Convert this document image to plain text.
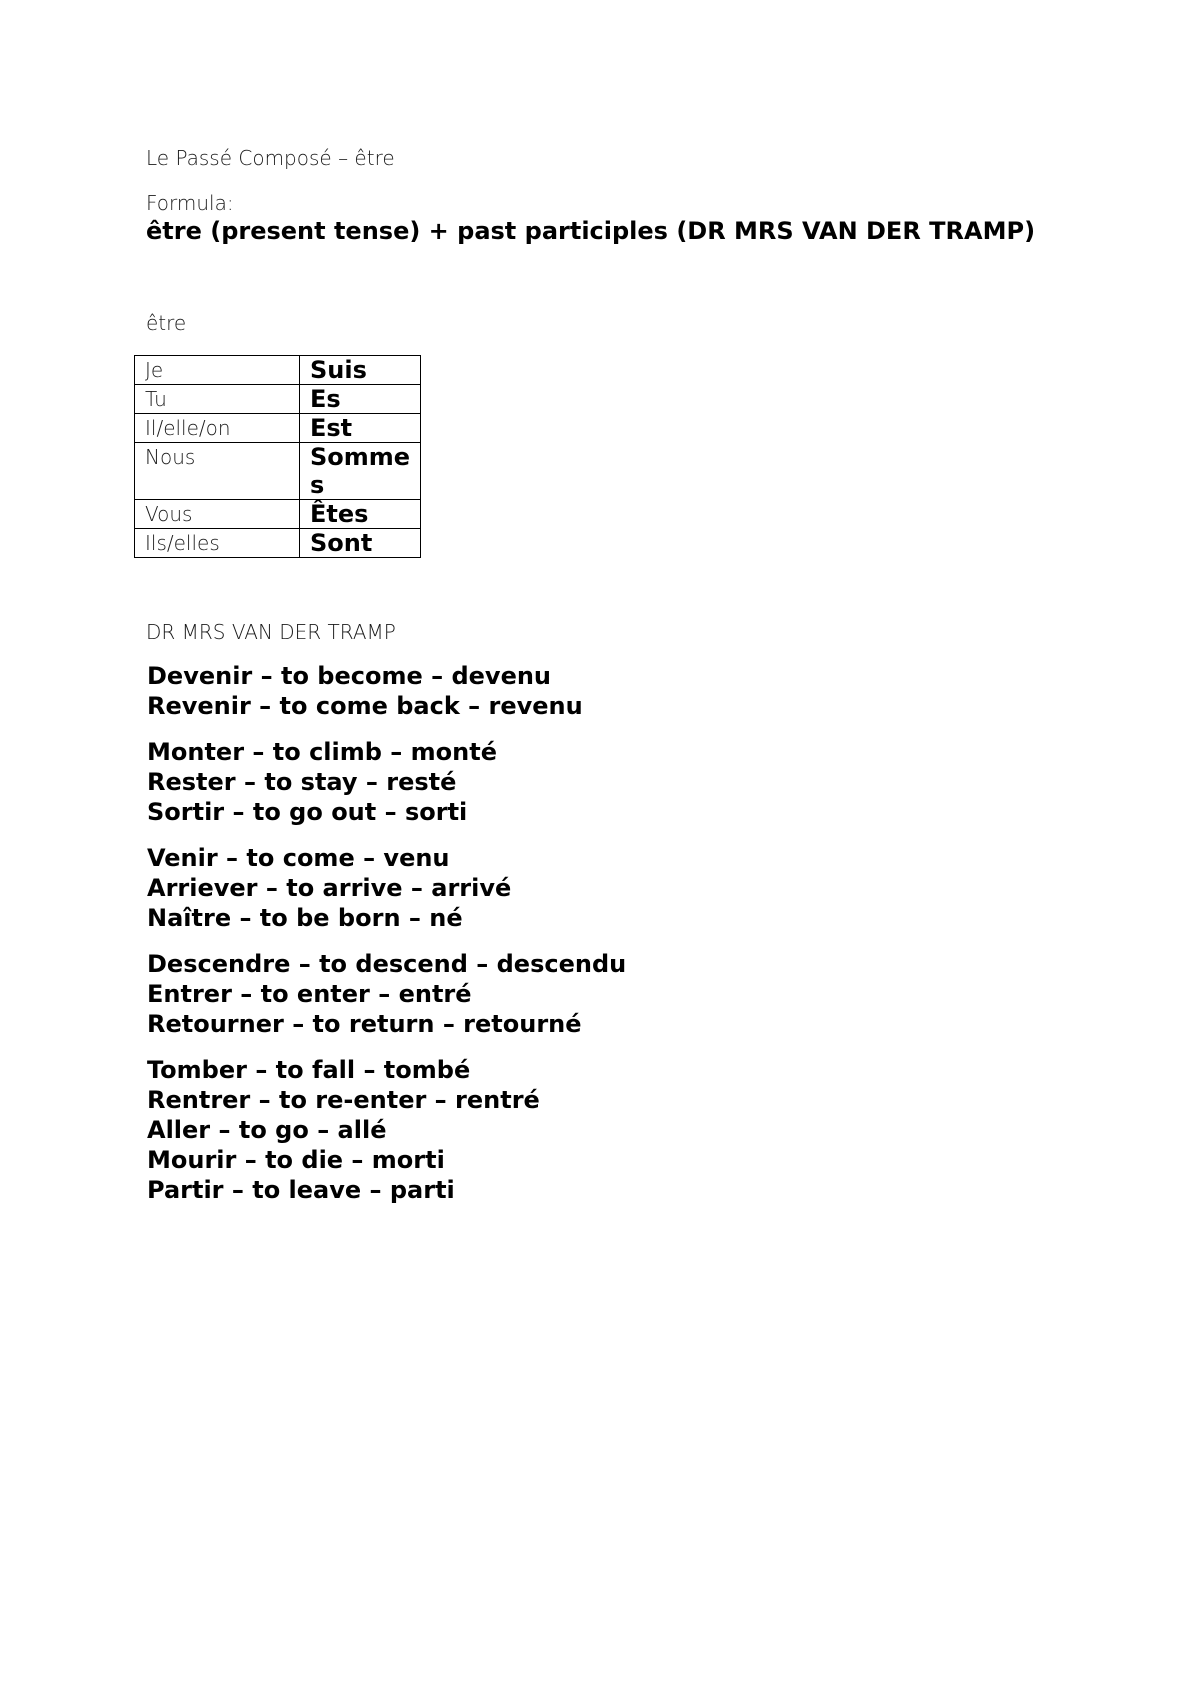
Le Passé Composé – être
Formula:
être (present tense) + past participles (DR MRS VAN DER TRAMP)
être
Je	Suis
Tu	Es
Il/elle/on	Est
Nous	Sommes
Vous	Êtes
Ils/elles	Sont
DR MRS VAN DER TRAMP
Devenir – to become – devenu
Revenir – to come back – revenu
Monter – to climb – monté
Rester – to stay – resté
Sortir – to go out – sorti
Venir – to come – venu
Arriever – to arrive – arrivé
Naître – to be born – né
Descendre – to descend – descendu
Entrer – to enter – entré
Retourner – to return – retourné
Tomber – to fall – tombé
Rentrer – to re-enter – rentré
Aller – to go – allé
Mourir – to die – morti
Partir – to leave – parti
